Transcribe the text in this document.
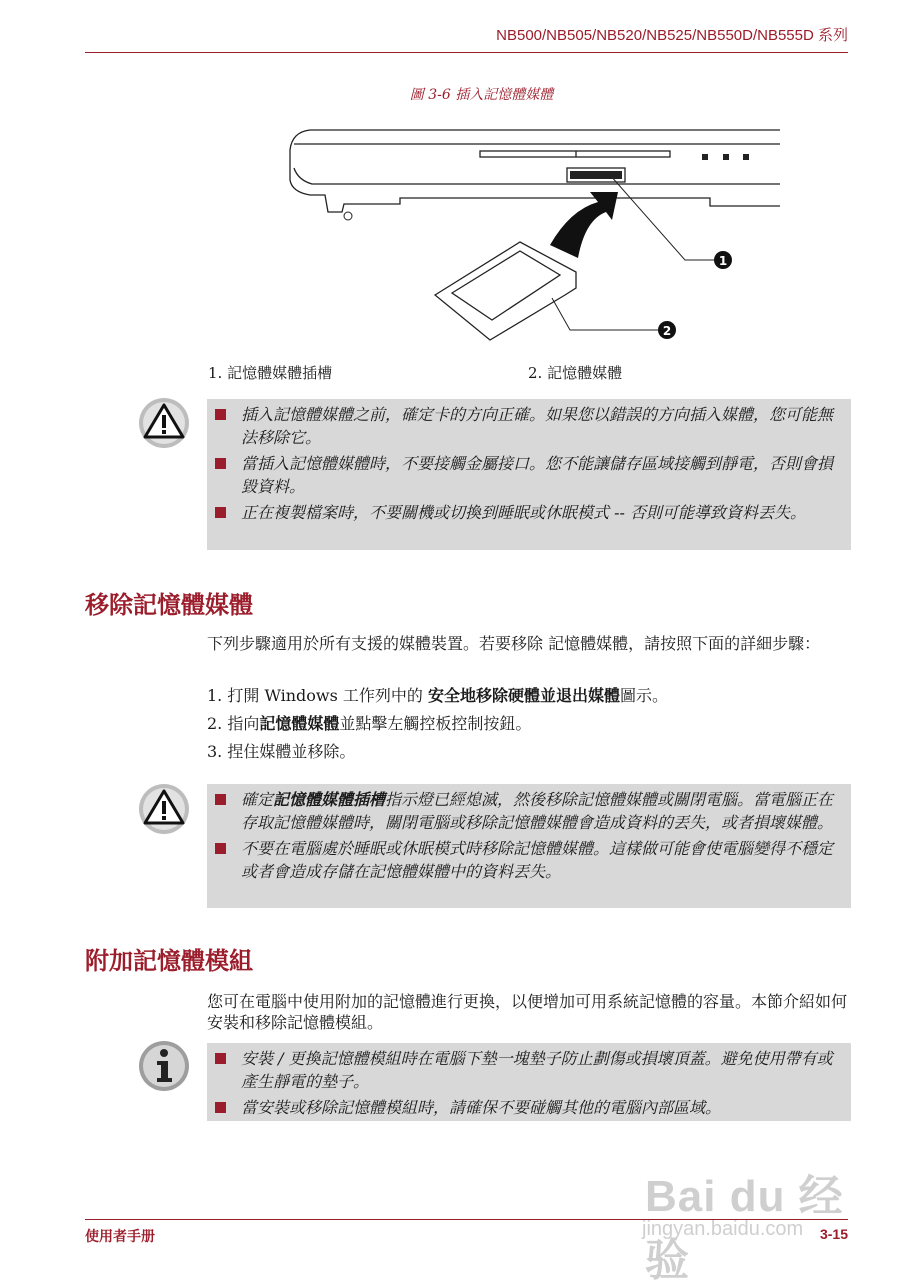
NB500/NB505/NB520/NB525/NB550D/NB555D 系列
圖 3-6 插入記憶體媒體
1
2
1. 記憶體媒體插槽	2. 記憶體媒體
插入記憶體媒體之前，確定卡的方向正確。如果您以錯誤的方向插入媒體，您可能無法移除它。
當插入記憶體媒體時，不要接觸金屬接口。您不能讓儲存區域接觸到靜電，否則會損毀資料。
正在複製檔案時，不要關機或切換到睡眠或休眠模式 -- 否則可能導致資料丟失。
移除記憶體媒體
下列步驟適用於所有支援的媒體裝置。若要移除 記憶體媒體，請按照下面的詳細步驟：
1. 打開 Windows 工作列中的 安全地移除硬體並退出媒體圖示。
2. 指向記憶體媒體並點擊左觸控板控制按鈕。
3. 捏住媒體並移除。
確定記憶體媒體插槽指示燈已經熄滅，然後移除記憶體媒體或關閉電腦。當電腦正在存取記憶體媒體時，關閉電腦或移除記憶體媒體會造成資料的丟失，或者損壞媒體。
不要在電腦處於睡眠或休眠模式時移除記憶體媒體。這樣做可能會使電腦變得不穩定或者會造成存儲在記憶體媒體中的資料丟失。
附加記憶體模組
您可在電腦中使用附加的記憶體進行更換，以便增加可用系統記憶體的容量。本節介紹如何安裝和移除記憶體模組。
安裝 / 更換記憶體模組時在電腦下墊一塊墊子防止劃傷或損壞頂蓋。避免使用帶有或產生靜電的墊子。
當安裝或移除記憶體模組時，請確保不要碰觸其他的電腦內部區域。
Bai du 经验
jingyan.baidu.com
使用者手册	3-15
